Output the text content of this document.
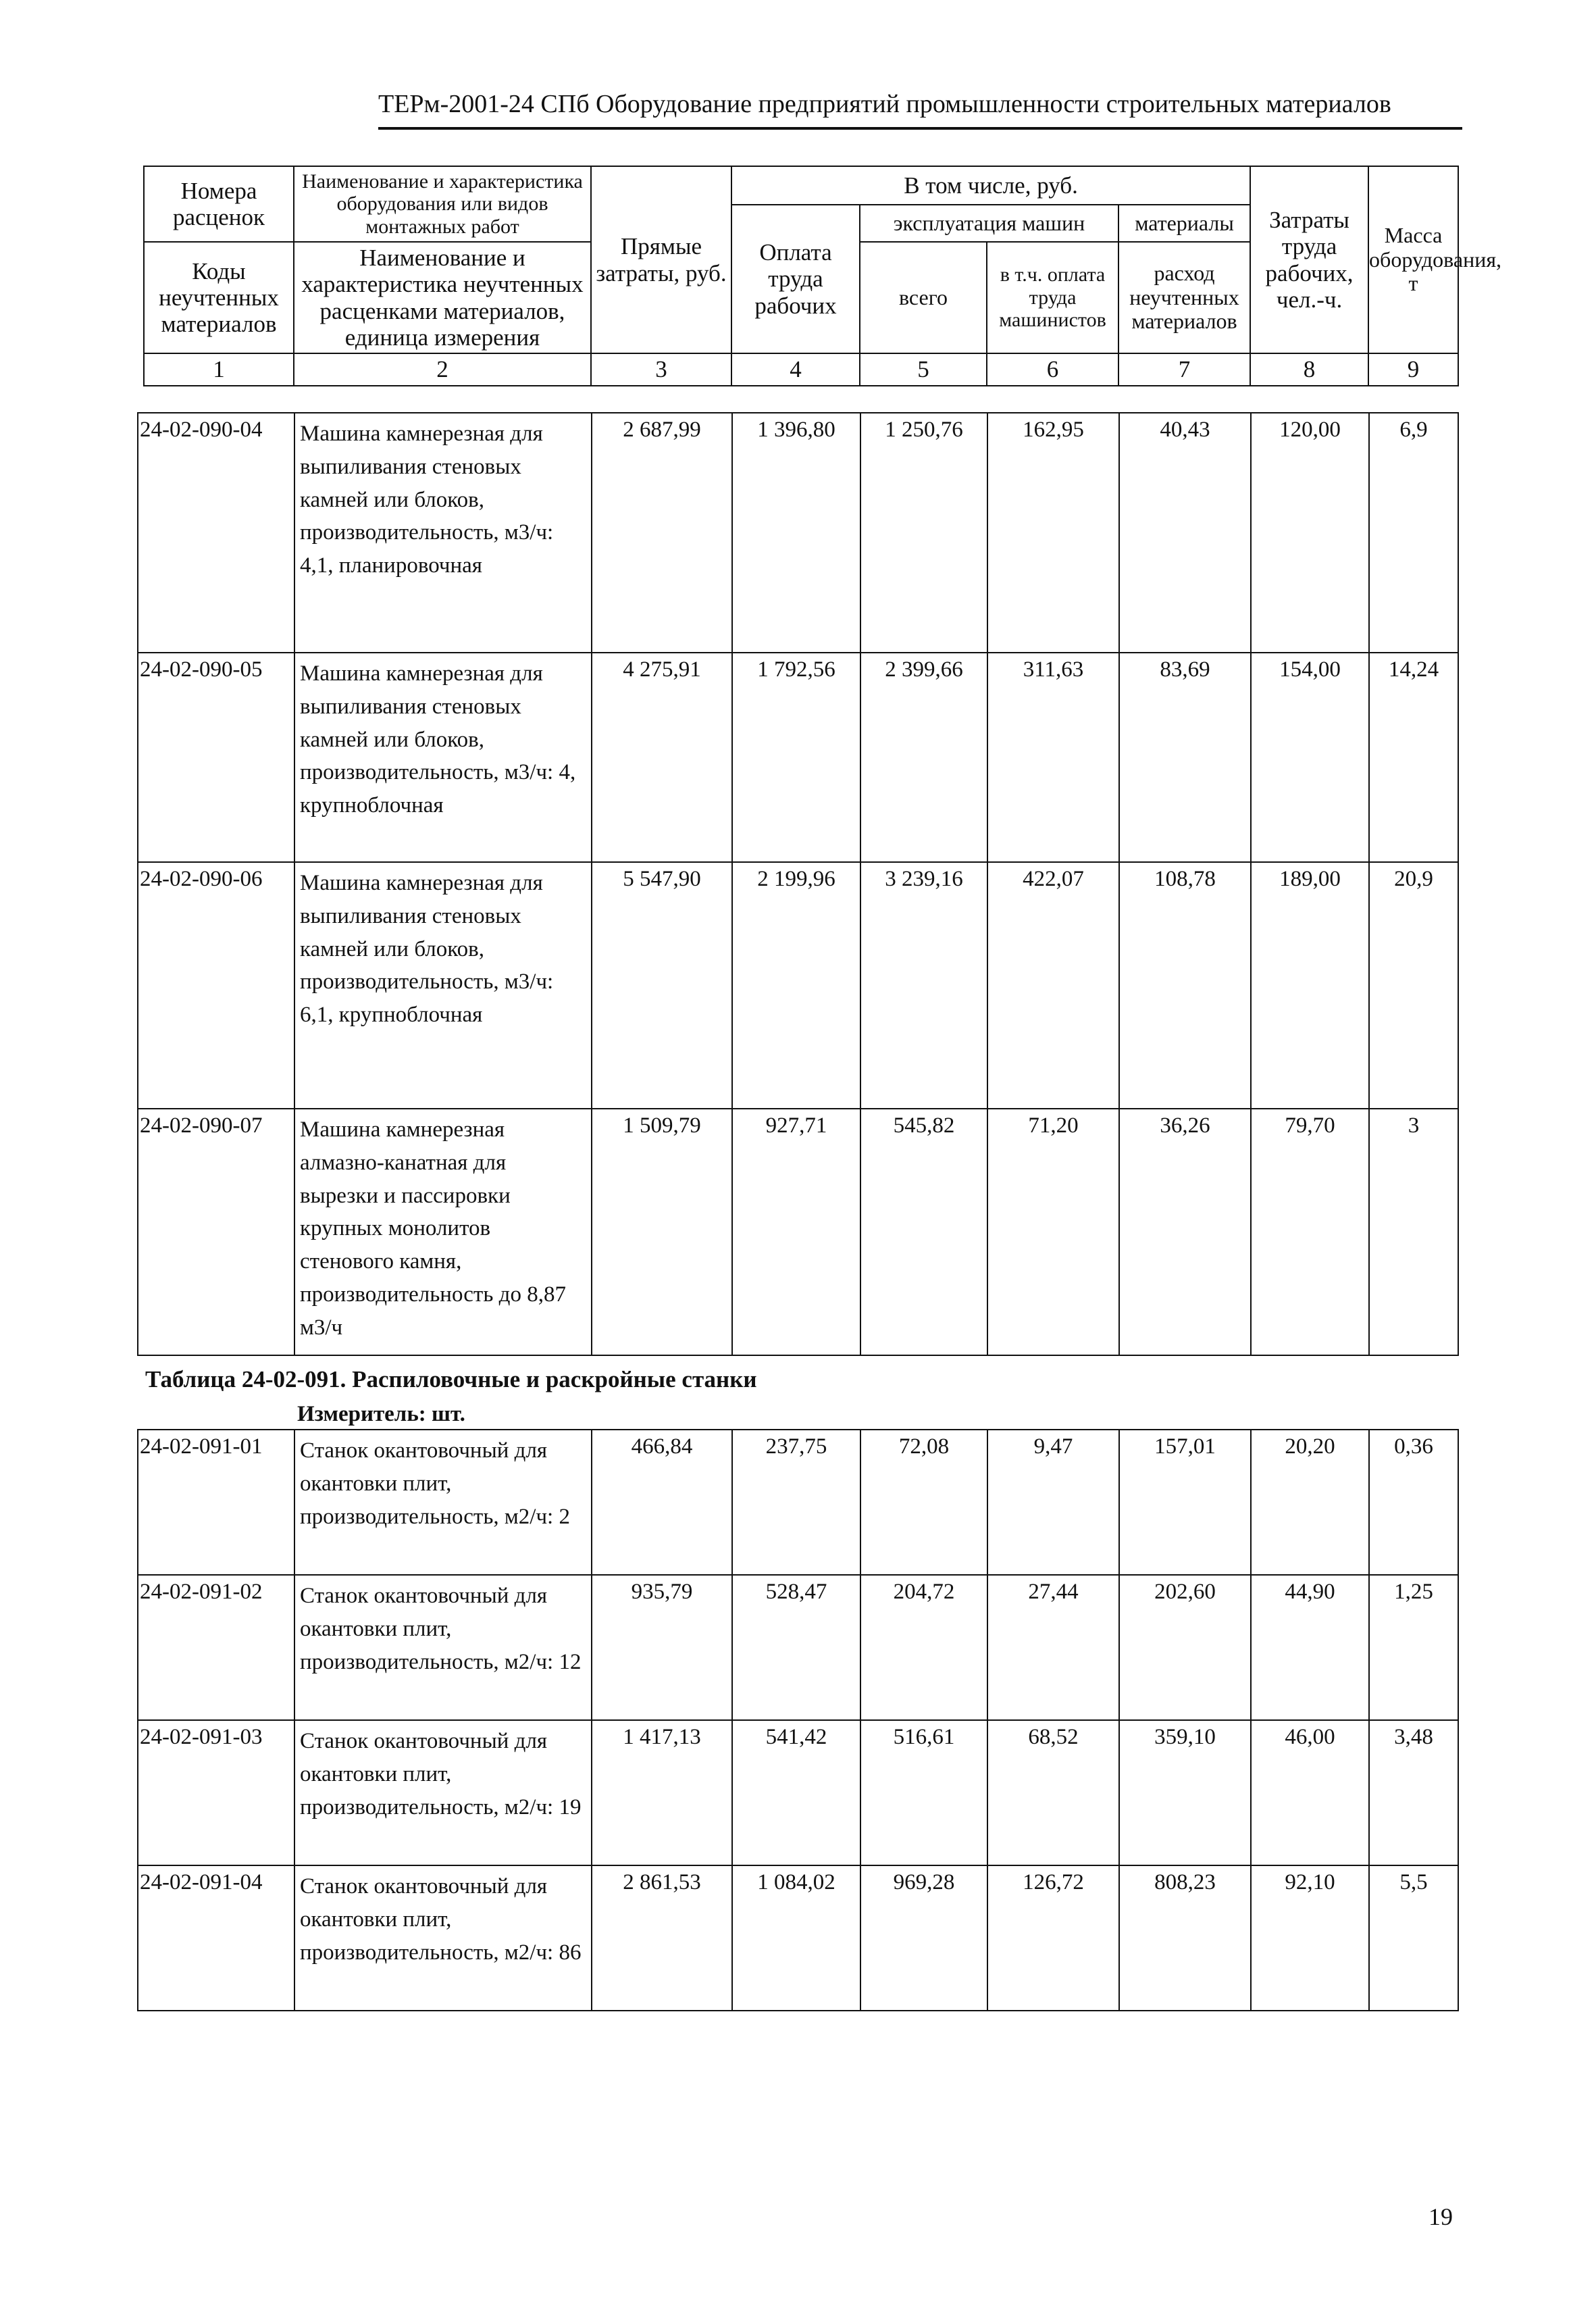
ТЕРм-2001-24 СПб Оборудование предприятий промышленности строительных материалов
Номера расценок	Наименование и характеристика оборудования или видов монтажных работ	Прямые затраты, руб.	В том числе, руб.				Затраты труда рабочих, чел.-ч.	Масса оборудования, т
			Оплата труда рабочих	эксплуатация машин		материалы		
Коды неучтенных материалов	Наименование и характеристика неучтенных расценками материалов, единица измерения			всего	в т.ч. оплата труда машинистов	расход неучтенных материалов		

1	2	3	4	5	6	7	8	9
24-02-090-04	Машина камнерезная для выпиливания стеновых камней или блоков, производительность, м3/ч: 4,1, планировочная	2 687,99	1 396,80	1 250,76	162,95	40,43	120,00	6,9
24-02-090-05	Машина камнерезная для выпиливания стеновых камней или блоков, производительность, м3/ч: 4, крупноблочная	4 275,91	1 792,56	2 399,66	311,63	83,69	154,00	14,24
24-02-090-06	Машина камнерезная для выпиливания стеновых камней или блоков, производительность, м3/ч: 6,1, крупноблочная	5 547,90	2 199,96	3 239,16	422,07	108,78	189,00	20,9
24-02-090-07	Машина камнерезная алмазно-канатная для вырезки и пассировки крупных монолитов стенового камня, производительность до 8,87 м3/ч	1 509,79	927,71	545,82	71,20	36,26	79,70	3
Таблица 24-02-091. Распиловочные и раскройные станки
Измеритель: шт.
24-02-091-01	Станок окантовочный для окантовки плит, производительность, м2/ч: 2	466,84	237,75	72,08	9,47	157,01	20,20	0,36
24-02-091-02	Станок окантовочный для окантовки плит, производительность, м2/ч: 12	935,79	528,47	204,72	27,44	202,60	44,90	1,25
24-02-091-03	Станок окантовочный для окантовки плит, производительность, м2/ч: 19	1 417,13	541,42	516,61	68,52	359,10	46,00	3,48
24-02-091-04	Станок окантовочный для окантовки плит, производительность, м2/ч: 86	2 861,53	1 084,02	969,28	126,72	808,23	92,10	5,5
19
